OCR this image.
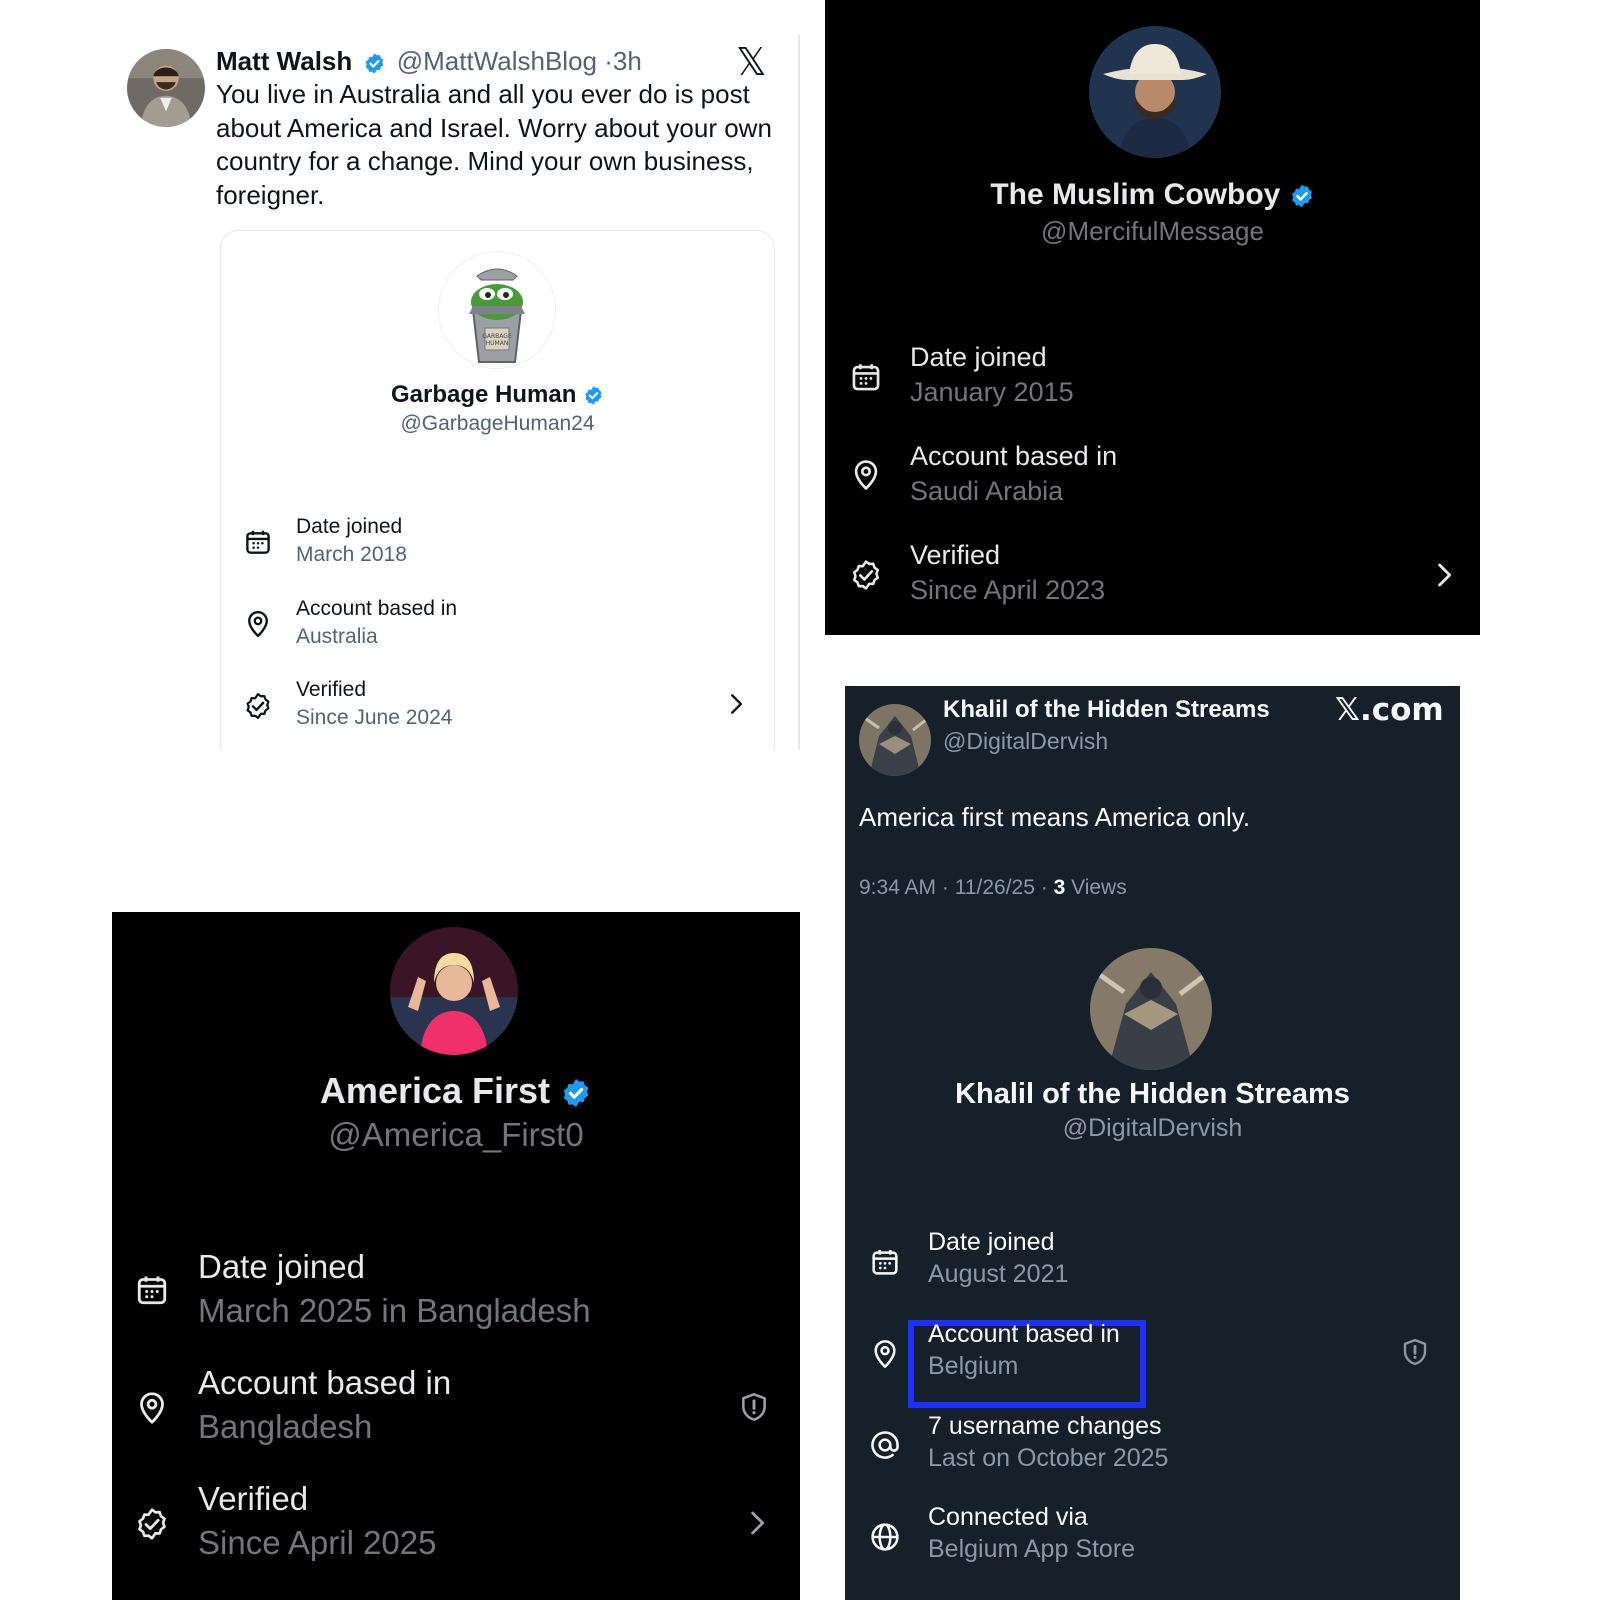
Matt Walsh @MattWalshBlog ·3h 𝕏
You live in Australia and all you ever do is post
about America and Israel. Worry about your own
country for a change. Mind your own business,
foreigner.
GARBAGE
HUMAN
Garbage Human
@GarbageHuman24
Date joined
March 2018
Account based in
Australia
Verified
Since June 2024
The Muslim Cowboy
@MercifulMessage
Date joined
January 2015
Account based in
Saudi Arabia
Verified
Since April 2023
America First
@America_First0
Date joined
March 2025 in Bangladesh
Account based in
Bangladesh
Verified
Since April 2025
Khalil of the Hidden Streams
@DigitalDervish
𝕏.com
America first means America only.
9:34 AM · 11/26/25 · 3 Views
Khalil of the Hidden Streams
@DigitalDervish
Date joined
August 2021
Account based in
Belgium
7 username changes
Last on October 2025
Connected via
Belgium App Store
